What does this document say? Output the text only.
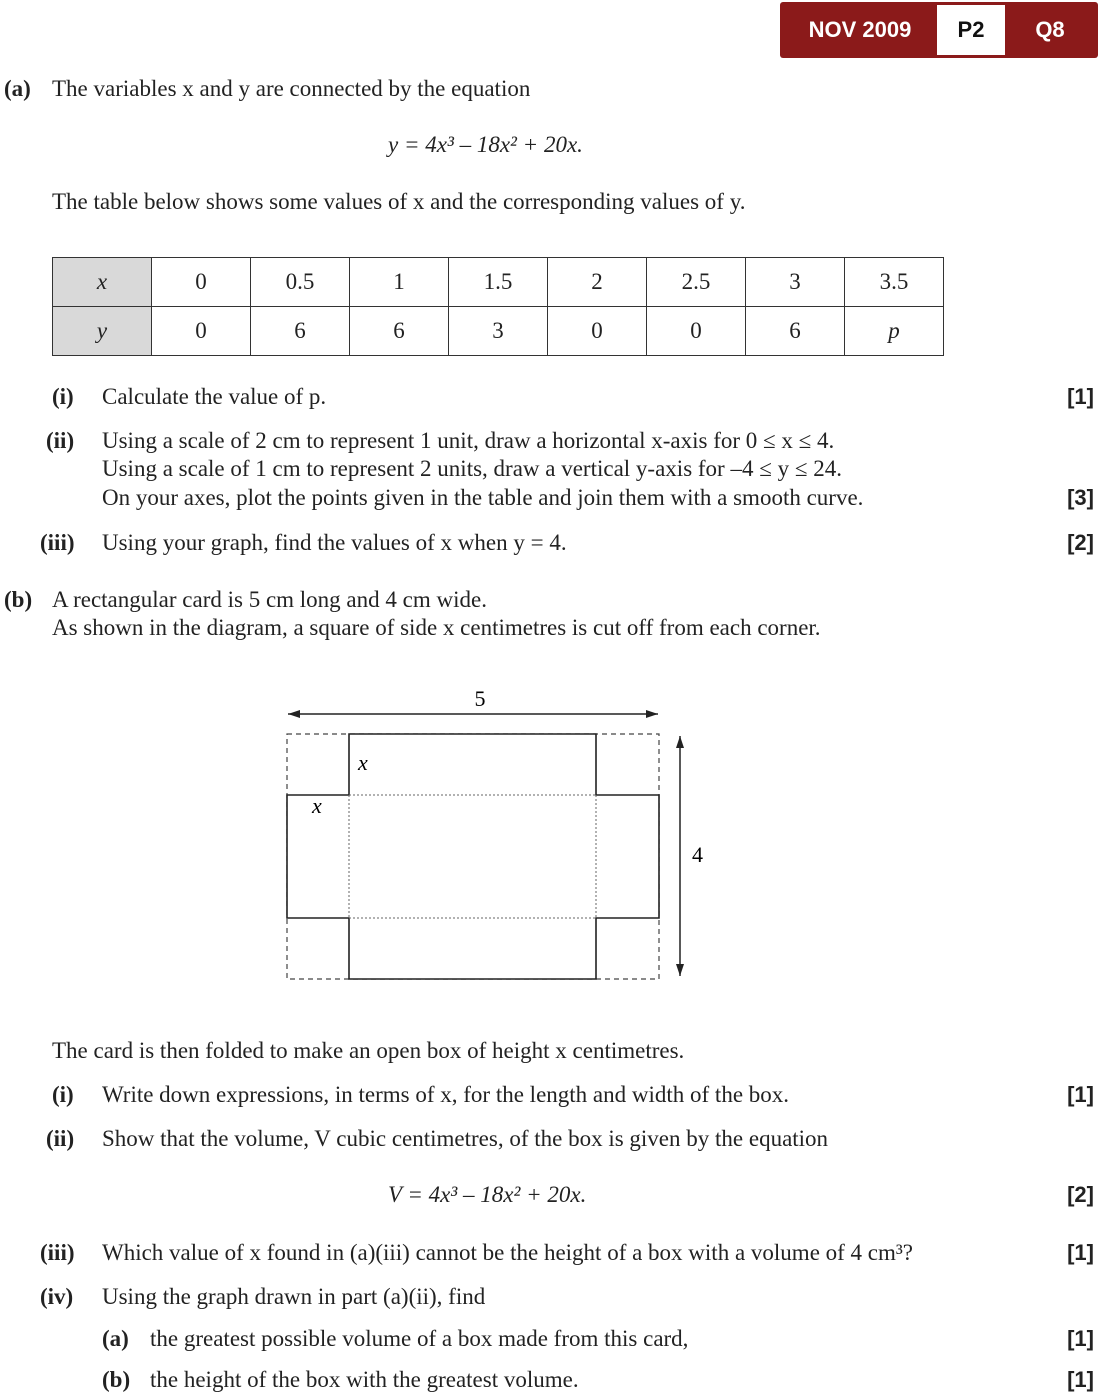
NOV 2009	P2	Q8
(a) The variables x and y are connected by the equation
y = 4x³ – 18x² + 20x.
The table below shows some values of x and the corresponding values of y.
x	0	0.5	1	1.5	2	2.5	3	3.5
y	0	6	6	3	0	0	6	p
(i) Calculate the value of p.	[1]
(ii) Using a scale of 2 cm to represent 1 unit, draw a horizontal x-axis for 0 ≤ x ≤ 4.
Using a scale of 1 cm to represent 2 units, draw a vertical y-axis for –4 ≤ y ≤ 24.
On your axes, plot the points given in the table and join them with a smooth curve.	[3]
(iii) Using your graph, find the values of x when y = 4.	[2]
(b) A rectangular card is 5 cm long and 4 cm wide.
As shown in the diagram, a square of side x centimetres is cut off from each corner.
5
4
x
x
The card is then folded to make an open box of height x centimetres.
(i) Write down expressions, in terms of x, for the length and width of the box.	[1]
(ii) Show that the volume, V cubic centimetres, of the box is given by the equation
V = 4x³ – 18x² + 20x.	[2]
(iii) Which value of x found in (a)(iii) cannot be the height of a box with a volume of 4 cm³?	[1]
(iv) Using the graph drawn in part (a)(ii), find
(a) the greatest possible volume of a box made from this card,	[1]
(b) the height of the box with the greatest volume.	[1]
